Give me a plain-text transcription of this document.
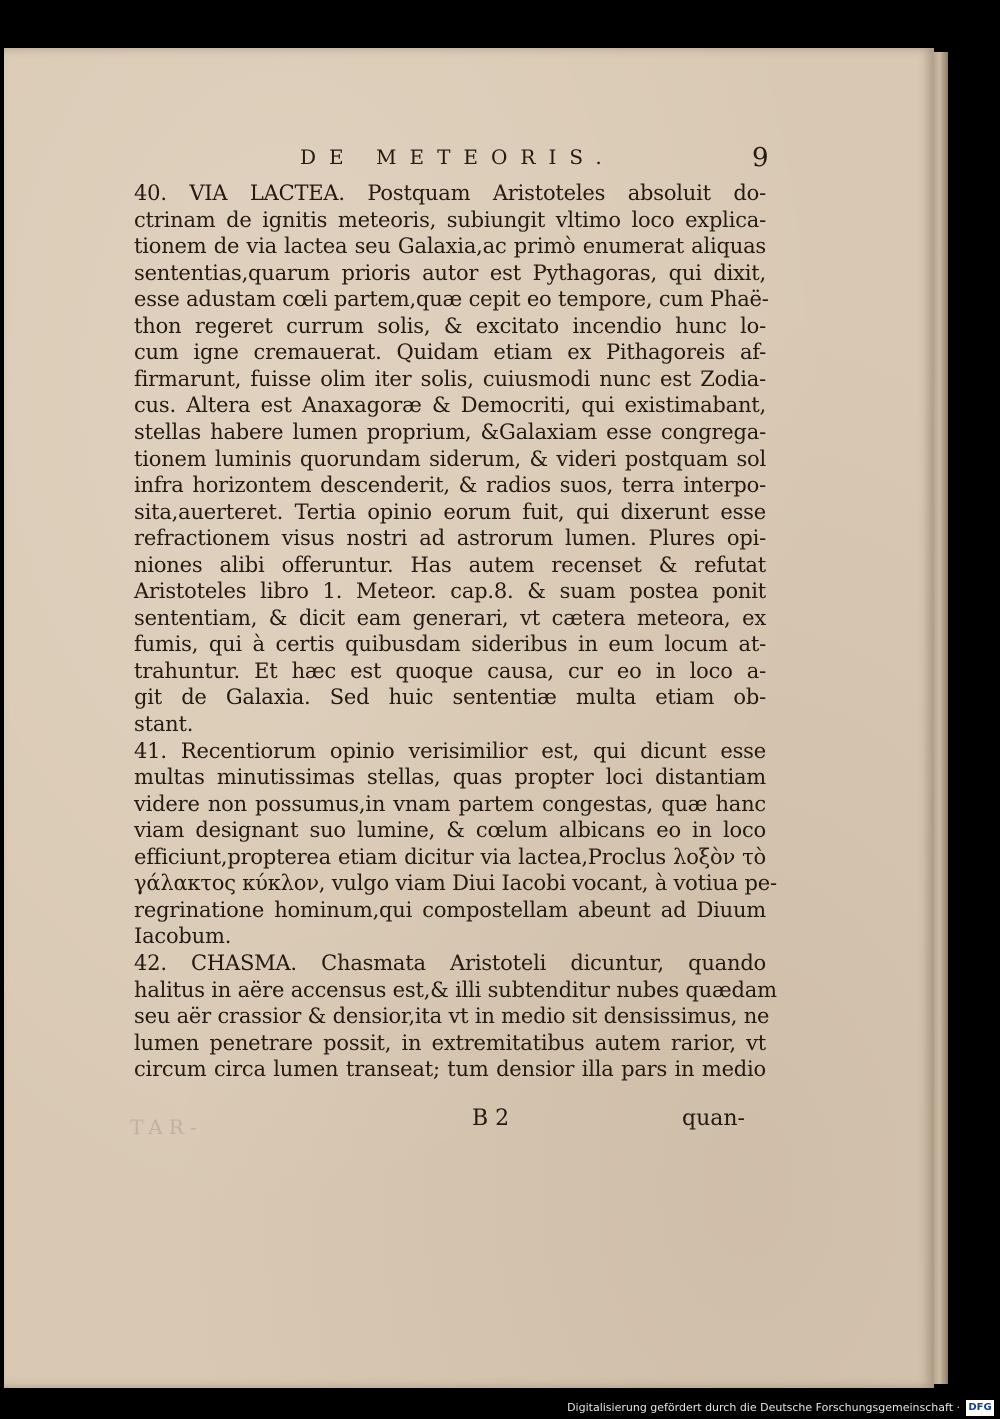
DE METEORIS.	9

40. VIA LACTEA. Postquam Aristoteles absoluit do-

ctrinam de ignitis meteoris, subiungit vltimo loco explica-

tionem de via lactea seu Galaxia,ac primò enumerat aliquas

sententias,quarum prioris autor est Pythagoras, qui dixit,

esse adustam cœli partem,quæ cepit eo tempore, cum Phaë-

thon regeret currum solis, & excitato incendio hunc lo-

cum igne cremauerat. Quidam etiam ex Pithagoreis af-

firmarunt, fuisse olim iter solis, cuiusmodi nunc est Zodia-

cus. Altera est Anaxagoræ & Democriti, qui existimabant,

stellas habere lumen proprium, &Galaxiam esse congrega-

tionem luminis quorundam siderum, & videri postquam sol

infra horizontem descenderit, & radios suos, terra interpo-

sita,auerteret. Tertia opinio eorum fuit, qui dixerunt esse

refractionem visus nostri ad astrorum lumen. Plures opi-

niones alibi offeruntur. Has autem recenset & refutat

Aristoteles libro 1. Meteor. cap.8. & suam postea ponit

sententiam, & dicit eam generari, vt cætera meteora, ex

fumis, qui à certis quibusdam sideribus in eum locum at-

trahuntur. Et hæc est quoque causa, cur eo in loco a-

git de Galaxia. Sed huic sententiæ multa etiam ob-

stant.

41. Recentiorum opinio verisimilior est, qui dicunt esse

multas minutissimas stellas, quas propter loci distantiam

videre non possumus,in vnam partem congestas, quæ hanc

viam designant suo lumine, & cœlum albicans eo in loco

efficiunt,propterea etiam dicitur via lactea,Proclus λοξὸν τὸ

γάλακτος κύκλον, vulgo viam Diui Iacobi vocant, à votiua pe-

regrinatione hominum,qui compostellam abeunt ad Diuum

Iacobum.

42. CHASMA. Chasmata Aristoteli dicuntur, quando

halitus in aëre accensus est,& illi subtenditur nubes quædam

seu aër crassior & densior,ita vt in medio sit densissimus, ne

lumen penetrare possit, in extremitatibus autem rarior, vt

circum circa lumen transeat; tum densior illa pars in medio

TAR-	B 2	quan-
Digitalisierung gefördert durch die Deutsche Forschungsgemeinschaft · DFG
